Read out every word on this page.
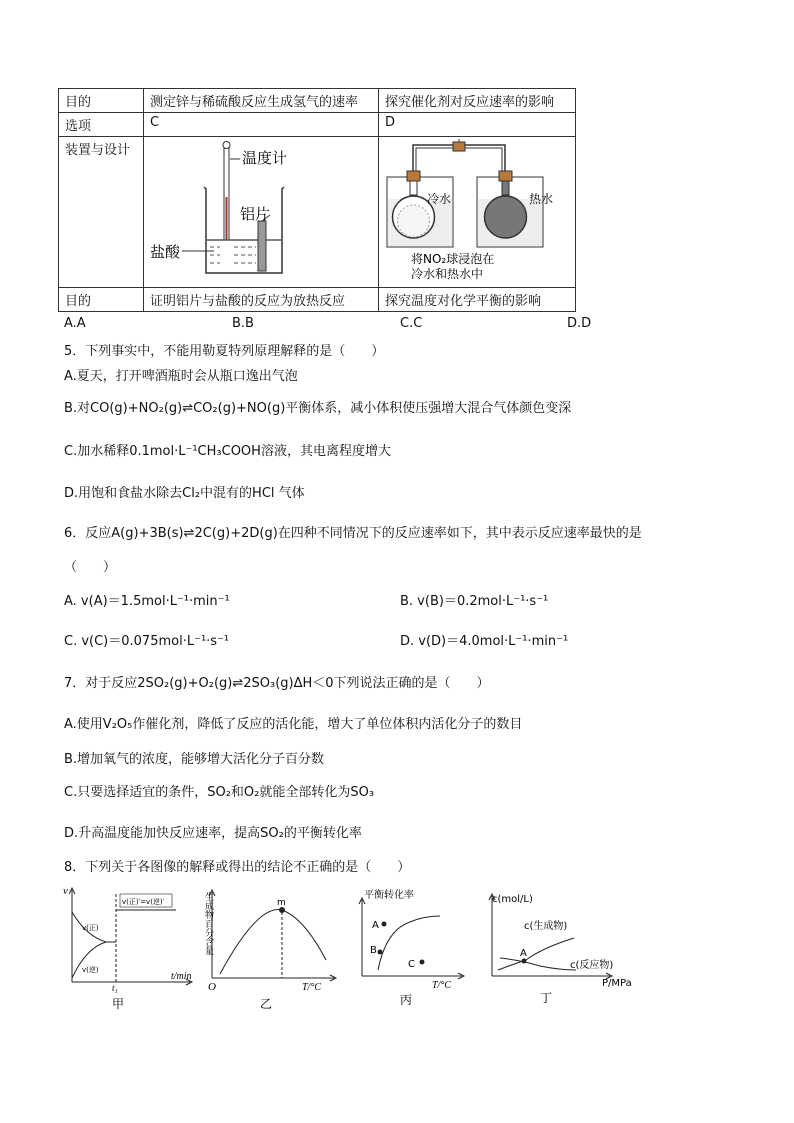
目的	测定锌与稀硫酸反应生成氢气的速率	探究催化剂对反应速率的影响
选项	C	D
装置与设计	温度计
铝片
盐酸	冷水 热水
将NO₂球浸泡在
冷水和热水中

目的	证明铝片与盐酸的反应为放热反应	探究温度对化学平衡的影响
A.A	B.B	C.C	D.D
5．下列事实中，不能用勒夏特列原理解释的是（　　）
A.夏天，打开啤酒瓶时会从瓶口逸出气泡
B.对CO(g)+NO₂(g)⇌CO₂(g)+NO(g)平衡体系，减小体积使压强增大混合气体颜色变深
C.加水稀释0.1mol·L⁻¹CH₃COOH溶液，其电离程度增大
D.用饱和食盐水除去Cl₂中混有的HCl 气体
6．反应A(g)+3B(s)⇌2C(g)+2D(g)在四种不同情况下的反应速率如下，其中表示反应速率最快的是
（　　）
A. v(A)＝1.5mol·L⁻¹·min⁻¹	B. v(B)＝0.2mol·L⁻¹·s⁻¹
C. v(C)＝0.075mol·L⁻¹·s⁻¹	D. v(D)＝4.0mol·L⁻¹·min⁻¹
7．对于反应2SO₂(g)+O₂(g)⇌2SO₃(g)ΔH＜0下列说法正确的是（　　）
A.使用V₂O₅作催化剂，降低了反应的活化能，增大了单位体积内活化分子的数目
B.增加氧气的浓度，能够增大活化分子百分数
C.只要选择适宜的条件，SO₂和O₂就能全部转化为SO₃
D.升高温度能加快反应速率，提高SO₂的平衡转化率
8．下列关于各图像的解释或得出的结论不正确的是（　　）
v
t/min
v(正)′=v(逆)′
v(正)
v(逆)
t₁
甲
生成物百分含量
O	T/°C
m
乙
平衡转化率
T/°C
A
B
C
丙
c(mol/L)
P/MPa
A
c(生成物)
c(反应物)
丁
